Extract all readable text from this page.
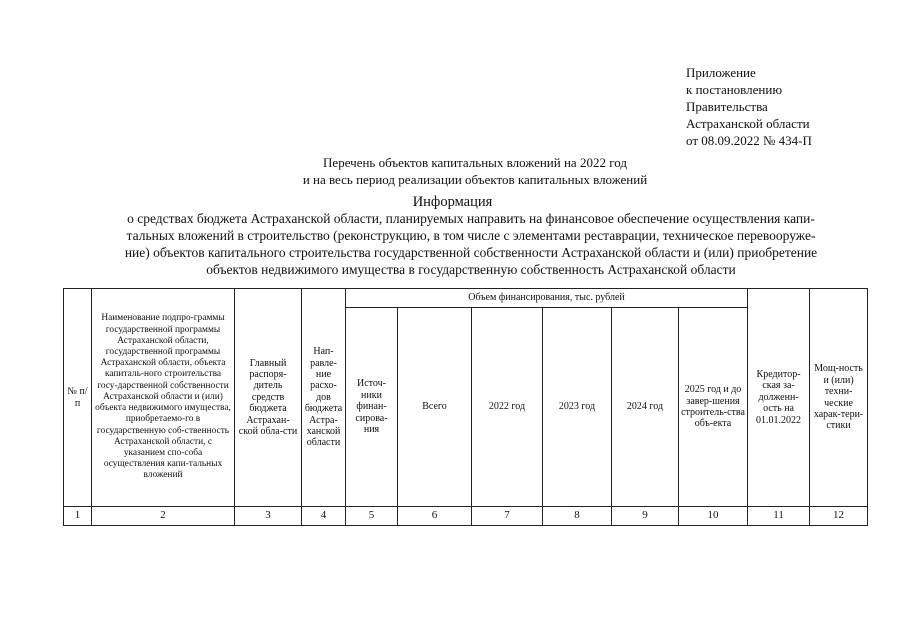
Приложение
к постановлению
Правительства
Астраханской области
от 08.09.2022 № 434-П
Перечень объектов капитальных вложений на 2022 год
и на весь период реализации объектов капитальных вложений
Информация
о средствах бюджета Астраханской области, планируемых направить на финансовое обеспечение осуществления капи-
тальных вложений в строительство (реконструкцию, в том числе с элементами реставрации, техническое перевооруже-
ние) объектов капитального строительства государственной собственности Астраханской области и (или) приобретение
объектов недвижимого имущества в государственную собственность Астраханской области
№ п/п	Наименование подпро-граммы государственной программы Астраханской области, государственной программы Астраханской области, объекта капиталь-ного строительства госу-дарственной собственности Астраханской области и (или) объекта недвижимого имущества, приобретаемо-го в государственную соб-ственность Астраханской области, с указанием спо-соба осуществления капи-тальных вложений	Главный распоря-дитель средств бюджета Астрахан-ской обла-сти	Нап-равле-ние расхо-дов бюджета Астра-ханской области	Объем финансирования, тыс. рублей						Кредитор-ская за-долженн-ость на 01.01.2022	Мощ-ность и (или) техни-ческие харак-тери-стики
				Источ-ники финан-сирова-ния	Всего	2022 год	2023 год	2024 год	2025 год и до завер-шения строитель-ства объ-екта		
1	2	3	4	5	6	7	8	9	10	11	12
